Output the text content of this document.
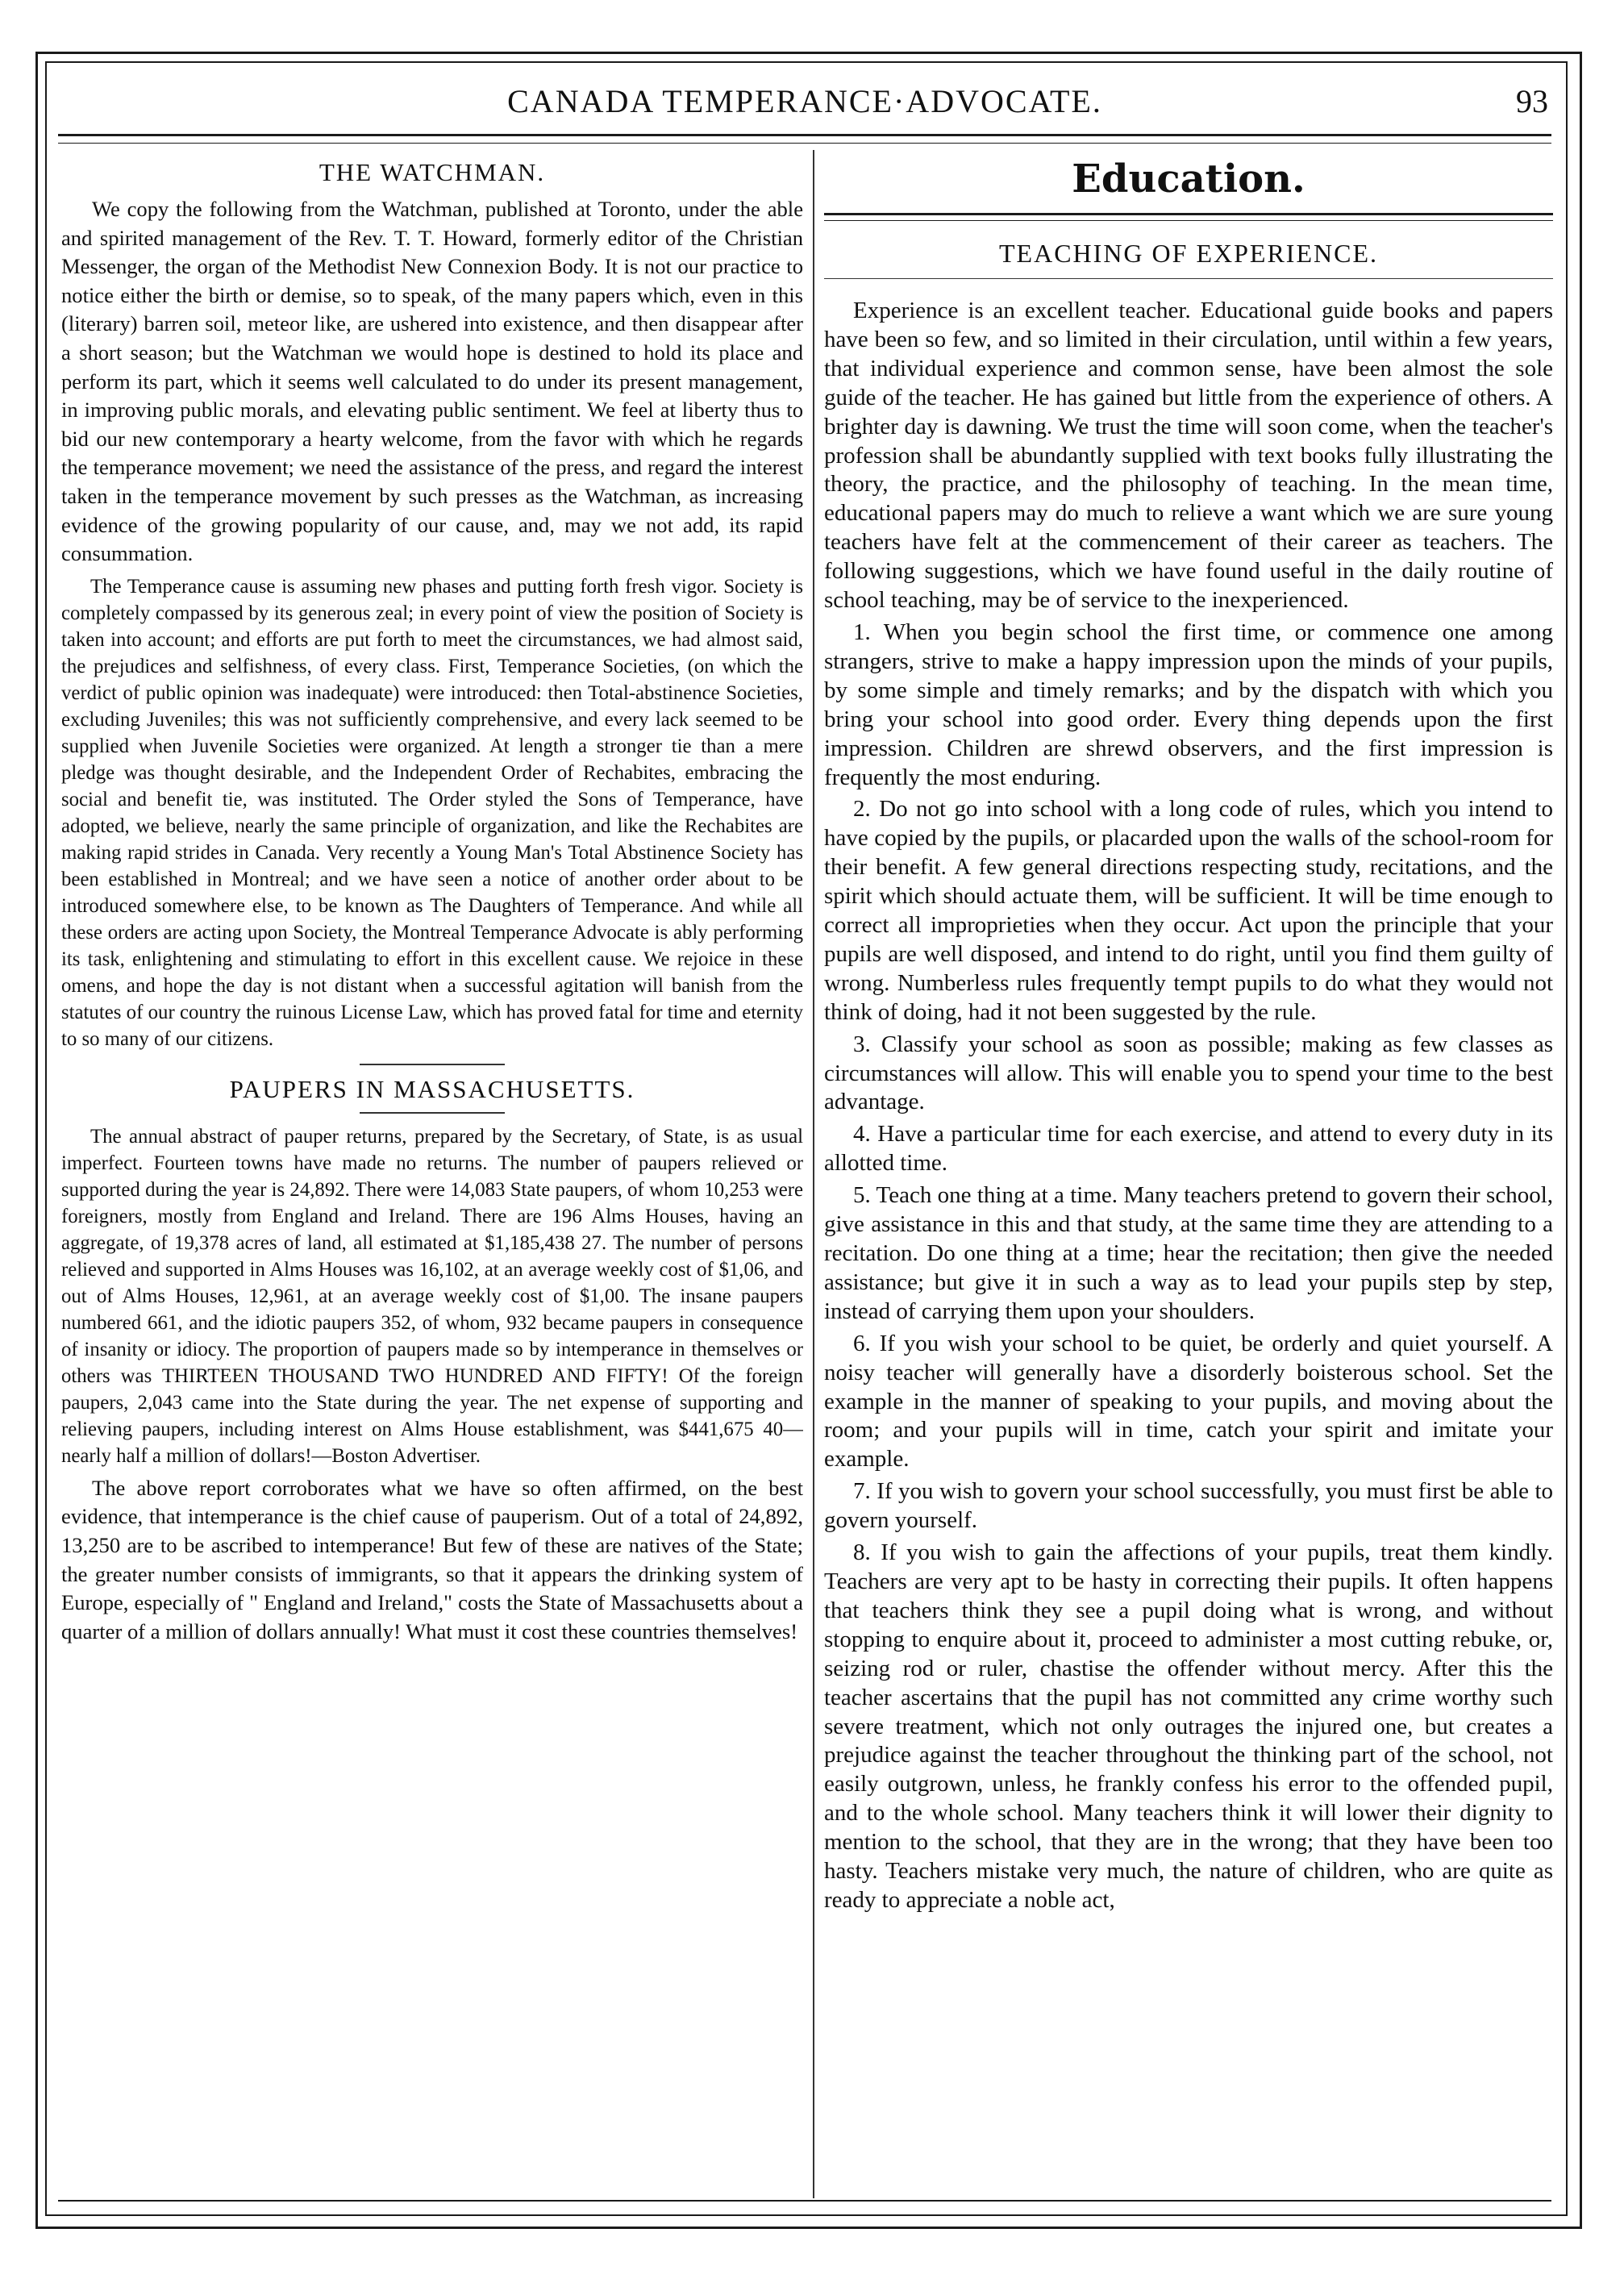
CANADA TEMPERANCE·ADVOCATE.	93
THE WATCHMAN.

We copy the following from the Watchman, published at Toronto, under the able and spirited management of the Rev. T. T. Howard, formerly editor of the Christian Messenger, the organ of the Methodist New Connexion Body. It is not our practice to notice either the birth or demise, so to speak, of the many papers which, even in this (literary) barren soil, meteor like, are ushered into existence, and then disappear after a short season; but the Watchman we would hope is destined to hold its place and perform its part, which it seems well calculated to do under its present management, in improving public morals, and elevating public sentiment. We feel at liberty thus to bid our new contemporary a hearty welcome, from the favor with which he regards the temperance movement; we need the assistance of the press, and regard the interest taken in the temperance movement by such presses as the Watchman, as increasing evidence of the growing popularity of our cause, and, may we not add, its rapid consummation.

The Temperance cause is assuming new phases and putting forth fresh vigor. Society is completely compassed by its generous zeal; in every point of view the position of Society is taken into account; and efforts are put forth to meet the circumstances, we had almost said, the prejudices and selfishness, of every class. First, Temperance Societies, (on which the verdict of public opinion was inadequate) were introduced: then Total-abstinence Societies, excluding Juveniles; this was not sufficiently comprehensive, and every lack seemed to be supplied when Juvenile Societies were organized. At length a stronger tie than a mere pledge was thought desirable, and the Independent Order of Rechabites, embracing the social and benefit tie, was instituted. The Order styled the Sons of Temperance, have adopted, we believe, nearly the same principle of organization, and like the Rechabites are making rapid strides in Canada. Very recently a Young Man's Total Abstinence Society has been established in Montreal; and we have seen a notice of another order about to be introduced somewhere else, to be known as The Daughters of Temperance. And while all these orders are acting upon Society, the Montreal Temperance Advocate is ably performing its task, enlightening and stimulating to effort in this excellent cause. We rejoice in these omens, and hope the day is not distant when a successful agitation will banish from the statutes of our country the ruinous License Law, which has proved fatal for time and eternity to so many of our citizens.

PAUPERS IN MASSACHUSETTS.

The annual abstract of pauper returns, prepared by the Secretary, of State, is as usual imperfect. Fourteen towns have made no returns. The number of paupers relieved or supported during the year is 24,892. There were 14,083 State paupers, of whom 10,253 were foreigners, mostly from England and Ireland. There are 196 Alms Houses, having an aggregate, of 19,378 acres of land, all estimated at $1,185,438 27. The number of persons relieved and supported in Alms Houses was 16,102, at an average weekly cost of $1,06, and out of Alms Houses, 12,961, at an average weekly cost of $1,00. The insane paupers numbered 661, and the idiotic paupers 352, of whom, 932 became paupers in consequence of insanity or idiocy. The proportion of paupers made so by intemperance in themselves or others was THIRTEEN THOUSAND TWO HUNDRED AND FIFTY! Of the foreign paupers, 2,043 came into the State during the year. The net expense of supporting and relieving paupers, including interest on Alms House establishment, was $441,675 40—nearly half a million of dollars!—Boston Advertiser.

The above report corroborates what we have so often affirmed, on the best evidence, that intemperance is the chief cause of pauperism. Out of a total of 24,892, 13,250 are to be ascribed to intemperance! But few of these are natives of the State; the greater number consists of immigrants, so that it appears the drinking system of Europe, especially of " England and Ireland," costs the State of Massachusetts about a quarter of a million of dollars annually! What must it cost these countries themselves!

Education.
TEACHING OF EXPERIENCE.

Experience is an excellent teacher. Educational guide books and papers have been so few, and so limited in their circulation, until within a few years, that individual experience and common sense, have been almost the sole guide of the teacher. He has gained but little from the experience of others. A brighter day is dawning. We trust the time will soon come, when the teacher's profession shall be abundantly supplied with text books fully illustrating the theory, the practice, and the philosophy of teaching. In the mean time, educational papers may do much to relieve a want which we are sure young teachers have felt at the commencement of their career as teachers. The following suggestions, which we have found useful in the daily routine of school teaching, may be of service to the inexperienced.

1. When you begin school the first time, or commence one among strangers, strive to make a happy impression upon the minds of your pupils, by some simple and timely remarks; and by the dispatch with which you bring your school into good order. Every thing depends upon the first impression. Children are shrewd observers, and the first impression is frequently the most enduring.

2. Do not go into school with a long code of rules, which you intend to have copied by the pupils, or placarded upon the walls of the school-room for their benefit. A few general directions respecting study, recitations, and the spirit which should actuate them, will be sufficient. It will be time enough to correct all improprieties when they occur. Act upon the principle that your pupils are well disposed, and intend to do right, until you find them guilty of wrong. Numberless rules frequently tempt pupils to do what they would not think of doing, had it not been suggested by the rule.

3. Classify your school as soon as possible; making as few classes as circumstances will allow. This will enable you to spend your time to the best advantage.

4. Have a particular time for each exercise, and attend to every duty in its allotted time.

5. Teach one thing at a time. Many teachers pretend to govern their school, give assistance in this and that study, at the same time they are attending to a recitation. Do one thing at a time; hear the recitation; then give the needed assistance; but give it in such a way as to lead your pupils step by step, instead of carrying them upon your shoulders.

6. If you wish your school to be quiet, be orderly and quiet yourself. A noisy teacher will generally have a disorderly boisterous school. Set the example in the manner of speaking to your pupils, and moving about the room; and your pupils will in time, catch your spirit and imitate your example.

7. If you wish to govern your school successfully, you must first be able to govern yourself.

8. If you wish to gain the affections of your pupils, treat them kindly. Teachers are very apt to be hasty in correcting their pupils. It often happens that teachers think they see a pupil doing what is wrong, and without stopping to enquire about it, proceed to administer a most cutting rebuke, or, seizing rod or ruler, chastise the offender without mercy. After this the teacher ascertains that the pupil has not committed any crime worthy such severe treatment, which not only outrages the injured one, but creates a prejudice against the teacher throughout the thinking part of the school, not easily outgrown, unless, he frankly confess his error to the offended pupil, and to the whole school. Many teachers think it will lower their dignity to mention to the school, that they are in the wrong; that they have been too hasty. Teachers mistake very much, the nature of children, who are quite as ready to appreciate a noble act,
